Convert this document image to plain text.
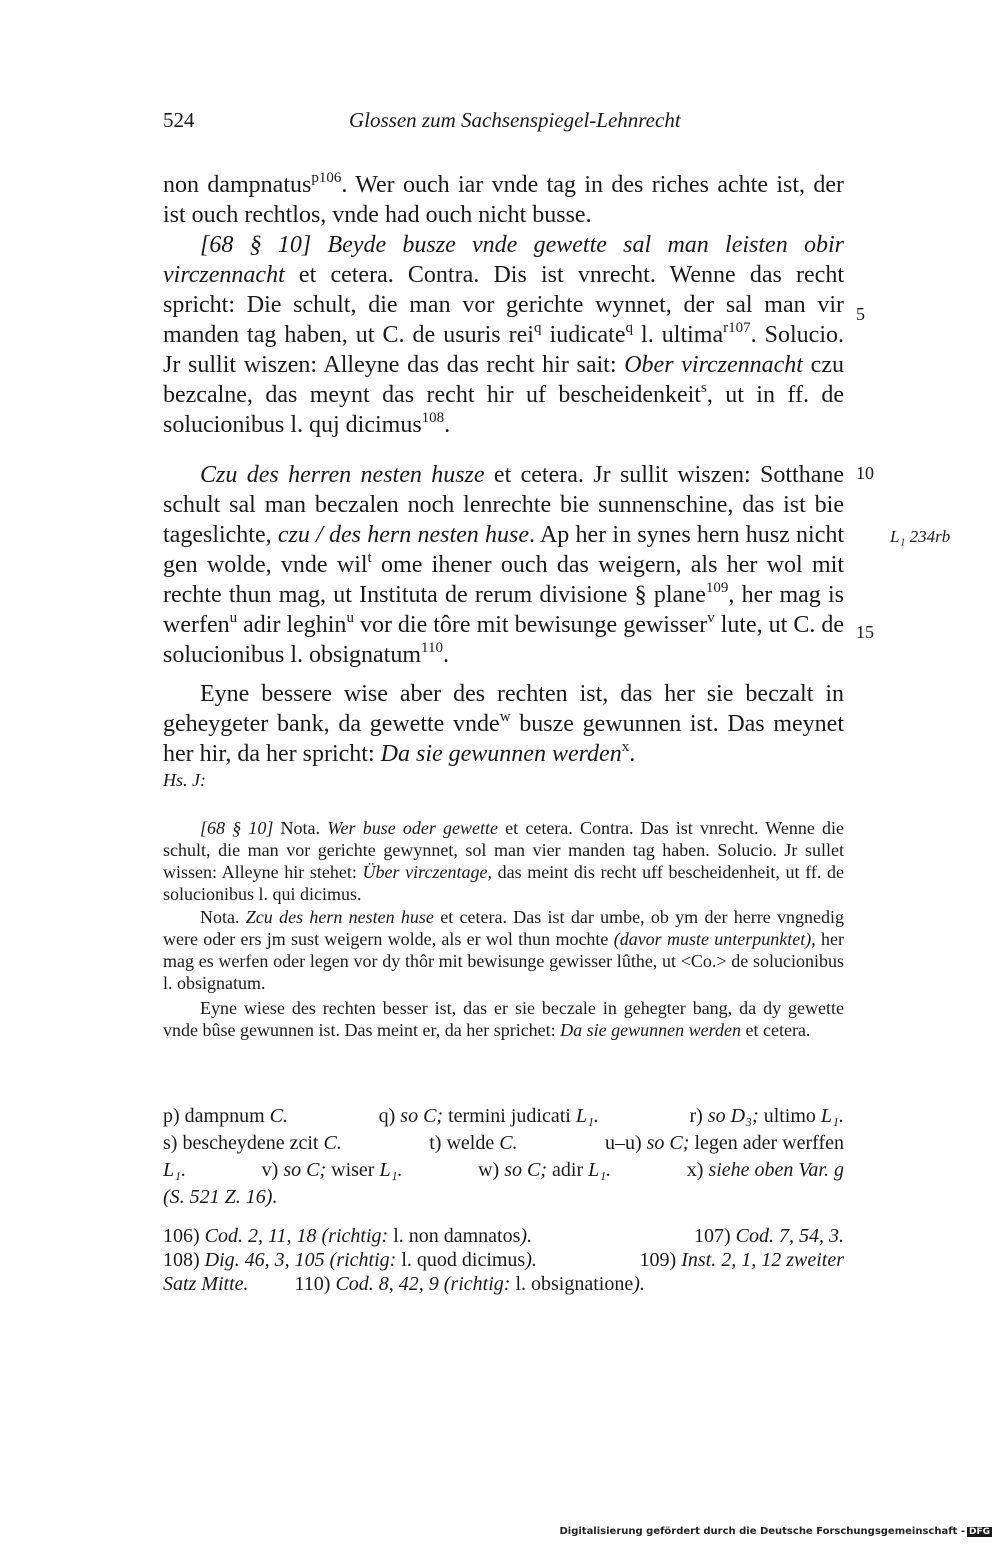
524	Glossen zum Sachsenspiegel-Lehnrecht

non dampnatus$^{p106}$. Wer ouch iar vnde tag in des riches achte ist, der ist ouch rechtlos, vnde had ouch nicht busse.

[68 § 10] Beyde busze vnde gewette sal man leisten obir virczennacht et cetera. Contra. Dis ist vnrecht. Wenne das recht spricht: Die schult, die man vor gerichte wynnet, der sal man vir manden tag haben, ut C. de usuris rei$^q$ iudicate$^q$ l. ultima$^{r107}$. Solucio. Jr sullit wiszen: Alleyne das das recht hir sait: Ober virczennacht czu bezcalne, das meynt das recht hir uf bescheidenkeit$^s$, ut in ff. de solucionibus l. quj dicimus$^{108}$.

Czu des herren nesten husze et cetera. Jr sullit wiszen: Sotthane schult sal man beczalen noch lenrechte bie sunnenschine, das ist bie tageslichte, czu / des hern nesten huse. Ap her in synes hern husz nicht gen wolde, vnde wil$^t$ ome ihener ouch das weigern, als her wol mit rechte thun mag, ut Instituta de rerum divisione § plane$^{109}$, her mag is werfen$^u$ adir leghin$^u$ vor die tôre mit bewisunge gewisser$^v$ lute, ut C. de solucionibus l. obsignatum$^{110}$.

Eyne bessere wise aber des rechten ist, das her sie beczalt in geheygeter bank, da gewette vnde$^w$ busze gewunnen ist. Das meynet her hir, da her spricht: Da sie gewunnen werden$^x$.

5
10
15
L₁ 234rb
Hs. J:

[68 § 10] Nota. Wer buse oder gewette et cetera. Contra. Das ist vnrecht. Wenne die schult, die man vor gerichte gewynnet, sol man vier manden tag haben. Solucio. Jr sullet wissen: Alleyne hir stehet: Über virczentage, das meint dis recht uff bescheidenheit, ut ff. de solucionibus l. qui dicimus.

Nota. Zcu des hern nesten huse et cetera. Das ist dar umbe, ob ym der herre vngnedig were oder ers jm sust weigern wolde, als er wol thun mochte (davor muste unterpunktet), her mag es werfen oder legen vor dy thôr mit bewisunge gewisser lûthe, ut <Co.> de solucionibus l. obsignatum.

Eyne wiese des rechten besser ist, das er sie beczale in gehegter bang, da dy gewette vnde bûse gewunnen ist. Das meint er, da her sprichet: Da sie gewunnen werden et cetera.

p) dampnum C.	q) so C; termini judicati L₁.	r) so D₃; ultimo L₁.
s) bescheydene zcit C.	t) welde C.	u–u) so C; legen ader werffen
L₁.	v) so C; wiser L₁.	w) so C; adir L₁.	x) siehe oben Var. g
(S. 521 Z. 16).
106) Cod. 2, 11, 18 (richtig: l. non damnatos).	107) Cod. 7, 54, 3.
108) Dig. 46, 3, 105 (richtig: l. quod dicimus).	109) Inst. 2, 1, 12 zweiter
Satz Mitte. 110) Cod. 8, 42, 9 (richtig: l. obsignatione).
Digitalisierung gefördert durch die Deutsche Forschungsgemeinschaft - DFG
